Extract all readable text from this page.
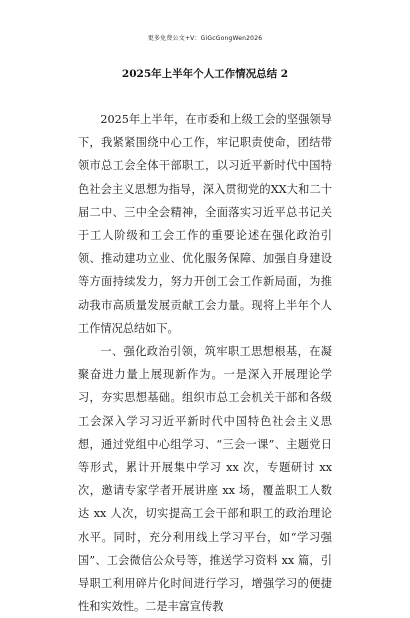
更多免费公文+V：GiGcGongWen2026
2025年上半年个人工作情况总结 2

2025年上半年，在市委和上级工会的坚强领导下，我紧紧围绕中心工作，牢记职责使命，团结带领市总工会全体干部职工，以习近平新时代中国特色社会主义思想为指导，深入贯彻党的XX大和二十届二中、三中全会精神，全面落实习近平总书记关于工人阶级和工会工作的重要论述在强化政治引领、推动建功立业、优化服务保障、加强自身建设等方面持续发力，努力开创工会工作新局面，为推动我市高质量发展贡献工会力量。现将上半年个人工作情况总结如下。

一、强化政治引领，筑牢职工思想根基，在凝聚奋进力量上展现新作为。一是深入开展理论学习，夯实思想基础。组织市总工会机关干部和各级工会深入学习习近平新时代中国特色社会主义思想，通过党组中心组学习、“三会一课”、主题党日等形式，累计开展集中学习 xx 次，专题研讨 xx 次，邀请专家学者开展讲座 xx 场，覆盖职工人数达 xx 人次，切实提高工会干部和职工的政治理论水平。同时，充分利用线上学习平台，如“学习强国”、工会微信公众号等，推送学习资料 xx 篇，引导职工利用碎片化时间进行学习，增强学习的便捷性和实效性。二是丰富宣传教
